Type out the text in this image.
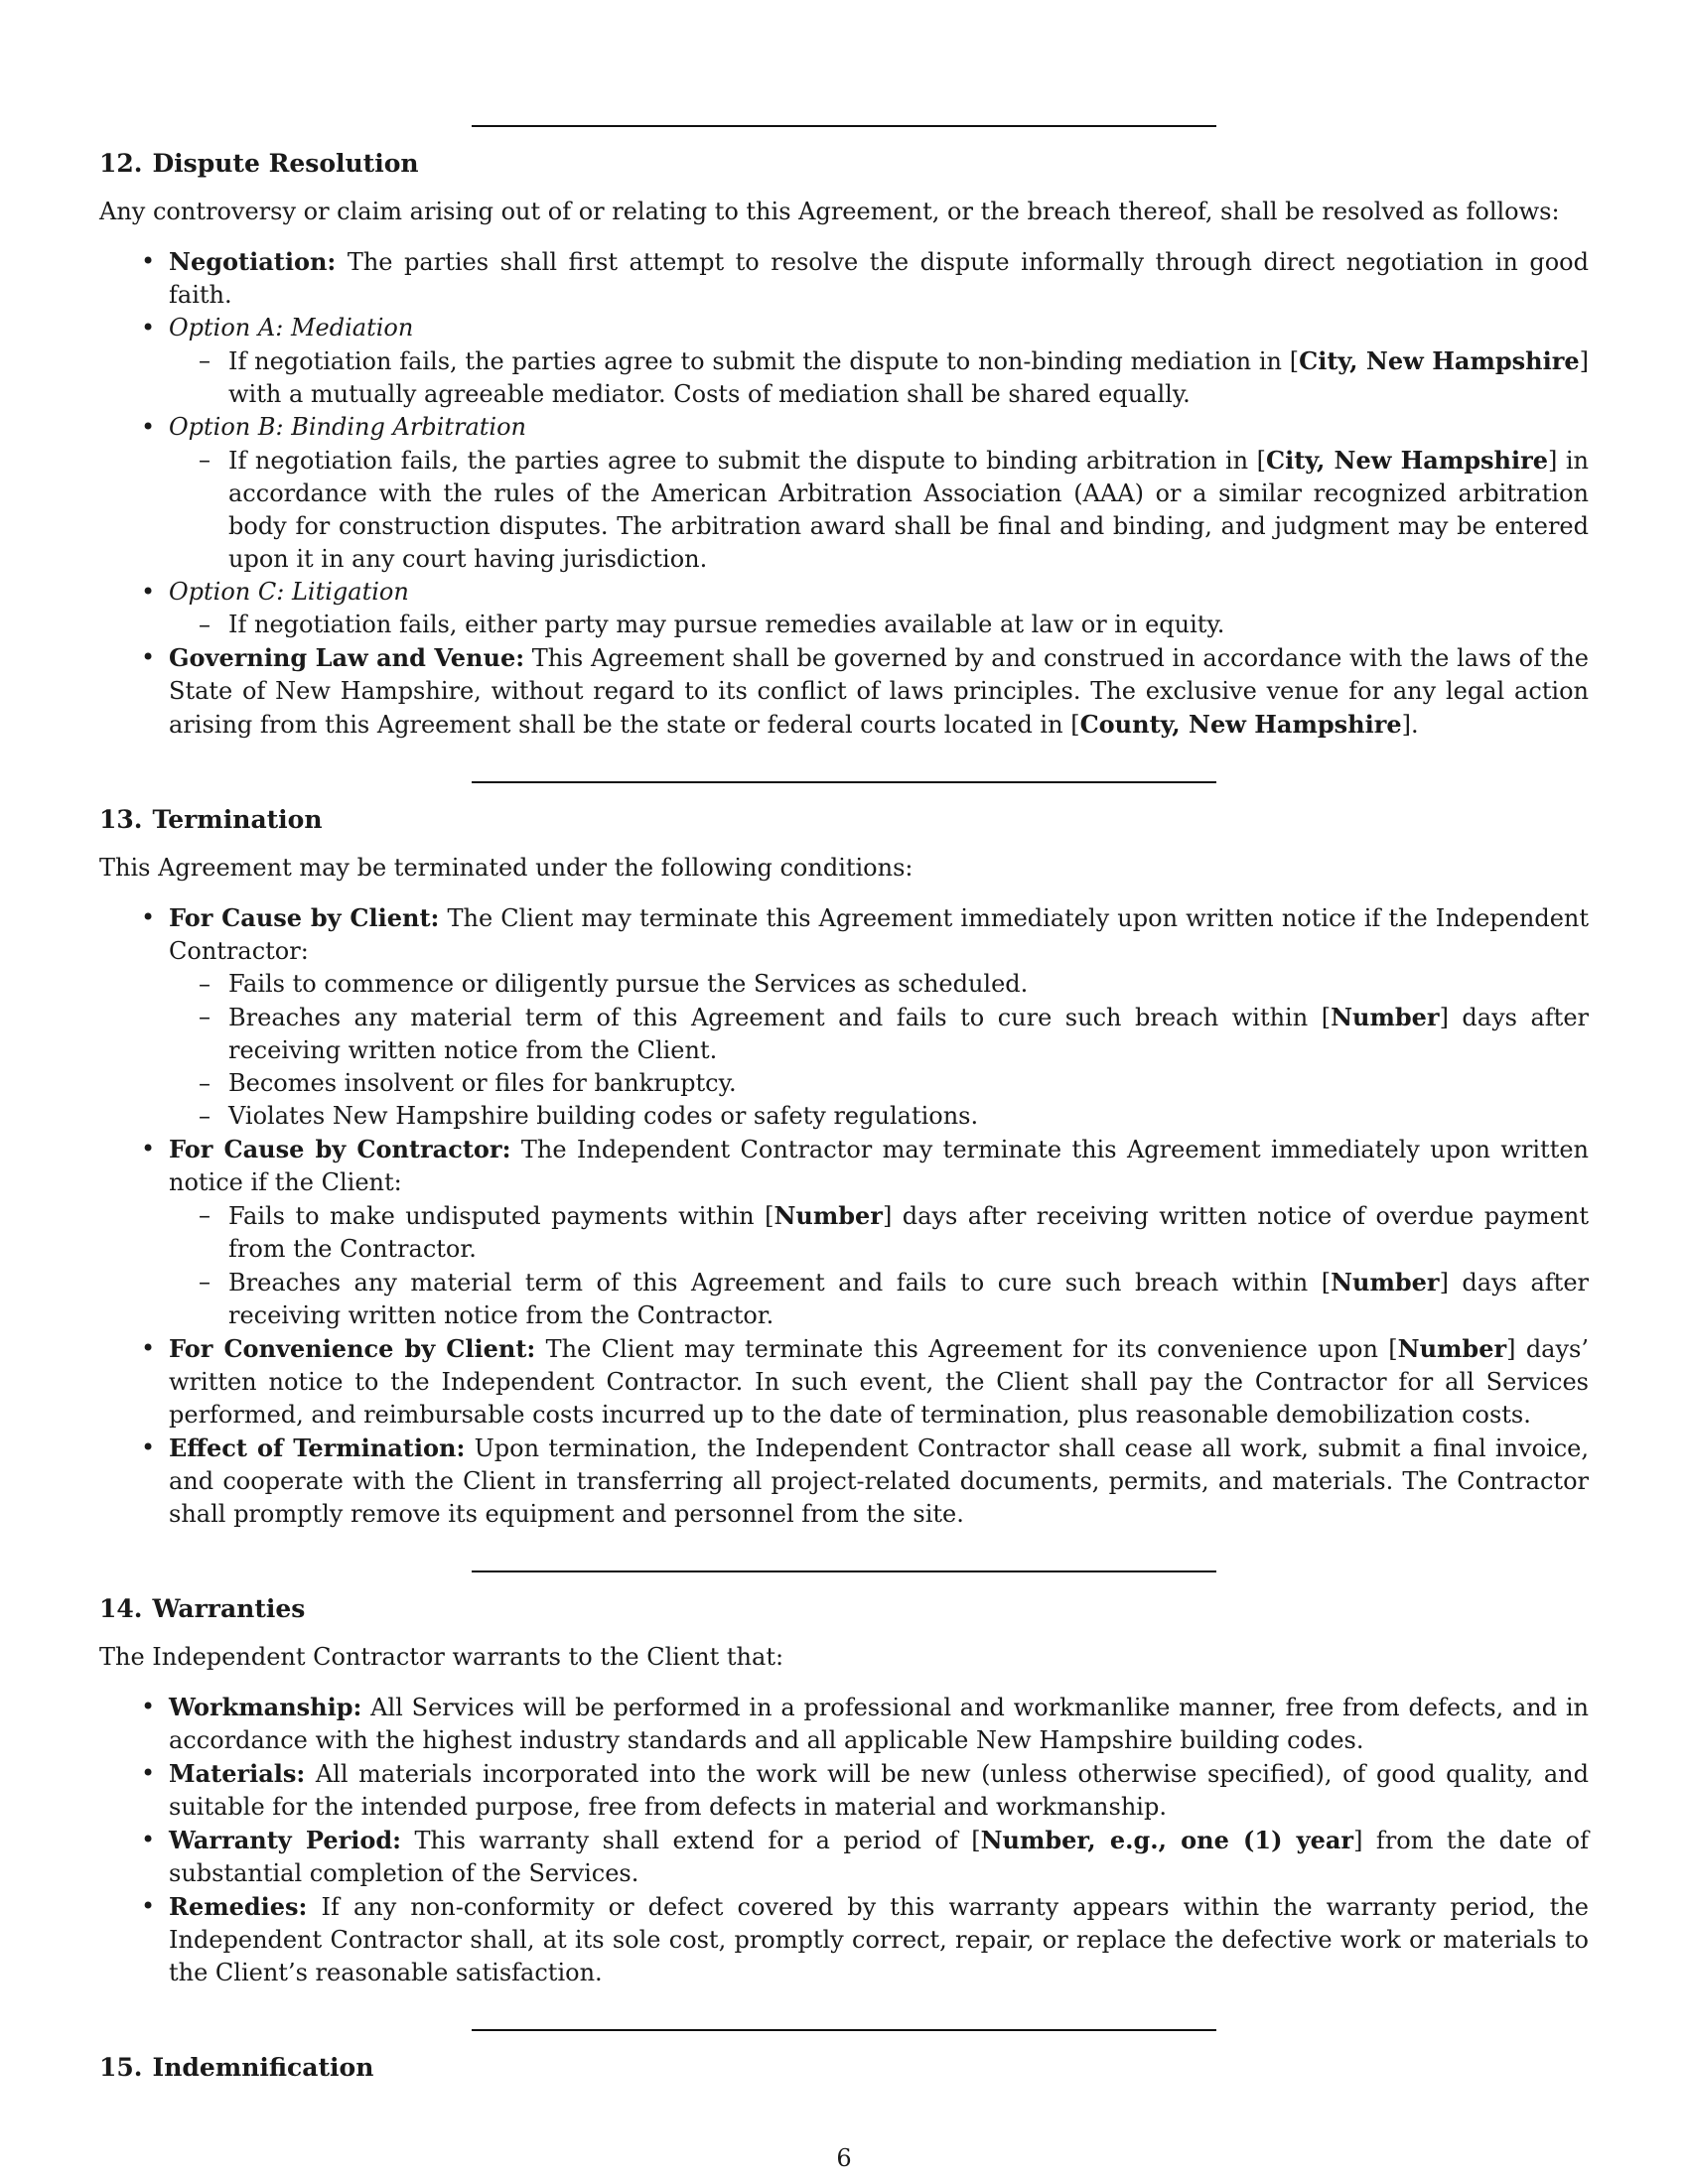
12. Dispute Resolution

Any controversy or claim arising out of or relating to this Agreement, or the breach thereof, shall be resolved as follows:

• Negotiation: The parties shall first attempt to resolve the dispute informally through direct negotiation in good faith.
• Option A: Mediation
– If negotiation fails, the parties agree to submit the dispute to non-binding mediation in [City, New Hampshire] with a mutually agreeable mediator. Costs of mediation shall be shared equally.
• Option B: Binding Arbitration
– If negotiation fails, the parties agree to submit the dispute to binding arbitration in [City, New Hampshire] in accordance with the rules of the American Arbitration Association (AAA) or a similar recognized arbitration body for construction disputes. The arbitration award shall be final and binding, and judgment may be entered upon it in any court having jurisdiction.
• Option C: Litigation
– If negotiation fails, either party may pursue remedies available at law or in equity.
• Governing Law and Venue: This Agreement shall be governed by and construed in accordance with the laws of the State of New Hampshire, without regard to its conflict of laws principles. The exclusive venue for any legal action arising from this Agreement shall be the state or federal courts located in [County, New Hampshire].
13. Termination

This Agreement may be terminated under the following conditions:

• For Cause by Client: The Client may terminate this Agreement immediately upon written notice if the Independent Contractor:
– Fails to commence or diligently pursue the Services as scheduled.
– Breaches any material term of this Agreement and fails to cure such breach within [Number] days after receiving written notice from the Client.
– Becomes insolvent or files for bankruptcy.
– Violates New Hampshire building codes or safety regulations.
• For Cause by Contractor: The Independent Contractor may terminate this Agreement immediately upon written notice if the Client:
– Fails to make undisputed payments within [Number] days after receiving written notice of overdue payment from the Contractor.
– Breaches any material term of this Agreement and fails to cure such breach within [Number] days after receiving written notice from the Contractor.
• For Convenience by Client: The Client may terminate this Agreement for its convenience upon [Number] days’ written notice to the Independent Contractor. In such event, the Client shall pay the Contractor for all Services performed, and reimbursable costs incurred up to the date of termination, plus reasonable demobilization costs.
• Effect of Termination: Upon termination, the Independent Contractor shall cease all work, submit a final invoice, and cooperate with the Client in transferring all project-related documents, permits, and materials. The Contractor shall promptly remove its equipment and personnel from the site.
14. Warranties

The Independent Contractor warrants to the Client that:

• Workmanship: All Services will be performed in a professional and workmanlike manner, free from defects, and in accordance with the highest industry standards and all applicable New Hampshire building codes.
• Materials: All materials incorporated into the work will be new (unless otherwise specified), of good quality, and suitable for the intended purpose, free from defects in material and workmanship.
• Warranty Period: This warranty shall extend for a period of [Number, e.g., one (1) year] from the date of substantial completion of the Services.
• Remedies: If any non-conformity or defect covered by this warranty appears within the warranty period, the Independent Contractor shall, at its sole cost, promptly correct, repair, or replace the defective work or materials to the Client’s reasonable satisfaction.
15. Indemnification
6
